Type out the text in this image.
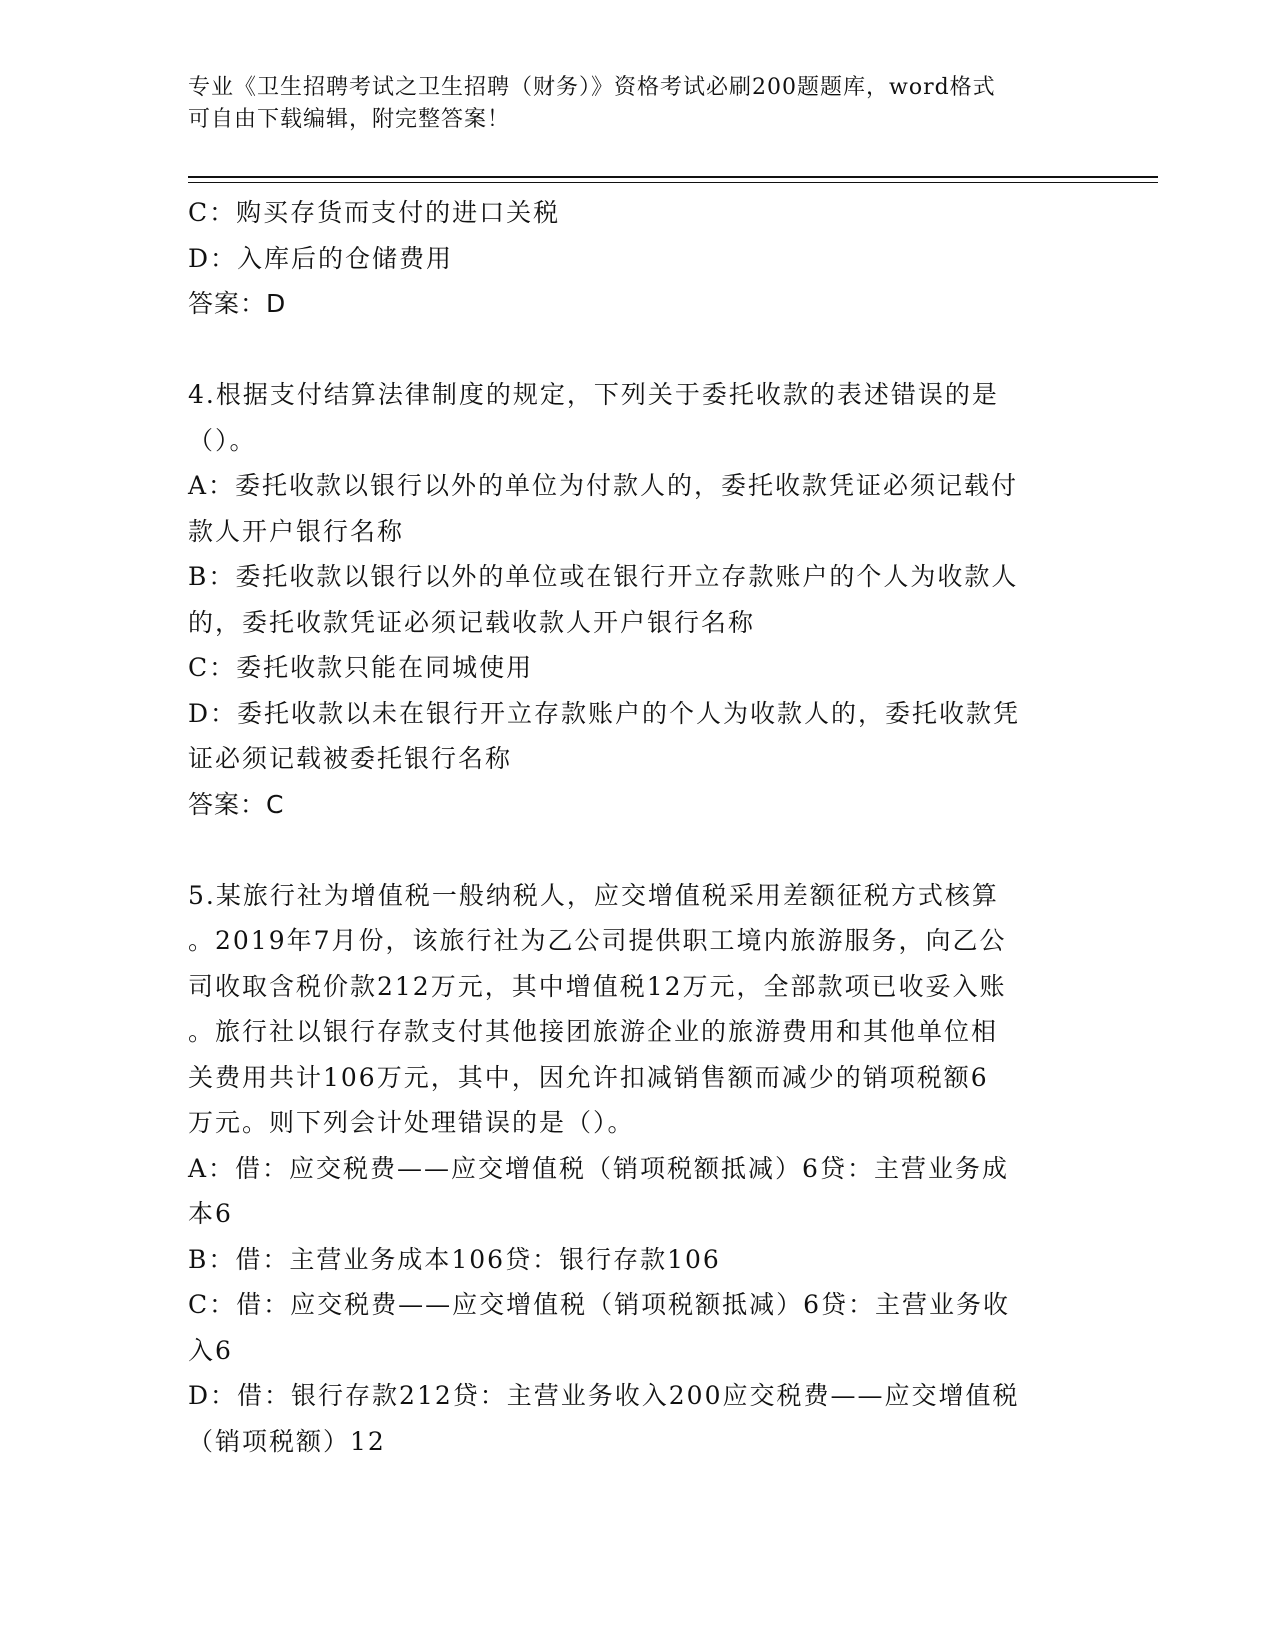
专业《卫生招聘考试之卫生招聘（财务）》资格考试必刷200题题库，word格式
可自由下载编辑，附完整答案！
C：购买存货而支付的进口关税
D：入库后的仓储费用
答案：D
4.根据支付结算法律制度的规定，下列关于委托收款的表述错误的是
（）。
A：委托收款以银行以外的单位为付款人的，委托收款凭证必须记载付
款人开户银行名称
B：委托收款以银行以外的单位或在银行开立存款账户的个人为收款人
的，委托收款凭证必须记载收款人开户银行名称
C：委托收款只能在同城使用
D：委托收款以未在银行开立存款账户的个人为收款人的，委托收款凭
证必须记载被委托银行名称
答案：C
5.某旅行社为增值税一般纳税人，应交增值税采用差额征税方式核算
。2019年7月份，该旅行社为乙公司提供职工境内旅游服务，向乙公
司收取含税价款212万元，其中增值税12万元，全部款项已收妥入账
。旅行社以银行存款支付其他接团旅游企业的旅游费用和其他单位相
关费用共计106万元，其中，因允许扣减销售额而减少的销项税额6
万元。则下列会计处理错误的是（）。
A：借：应交税费——应交增值税（销项税额抵减）6贷：主营业务成
本6
B：借：主营业务成本106贷：银行存款106
C：借：应交税费——应交增值税（销项税额抵减）6贷：主营业务收
入6
D：借：银行存款212贷：主营业务收入200应交税费——应交增值税
（销项税额）12
